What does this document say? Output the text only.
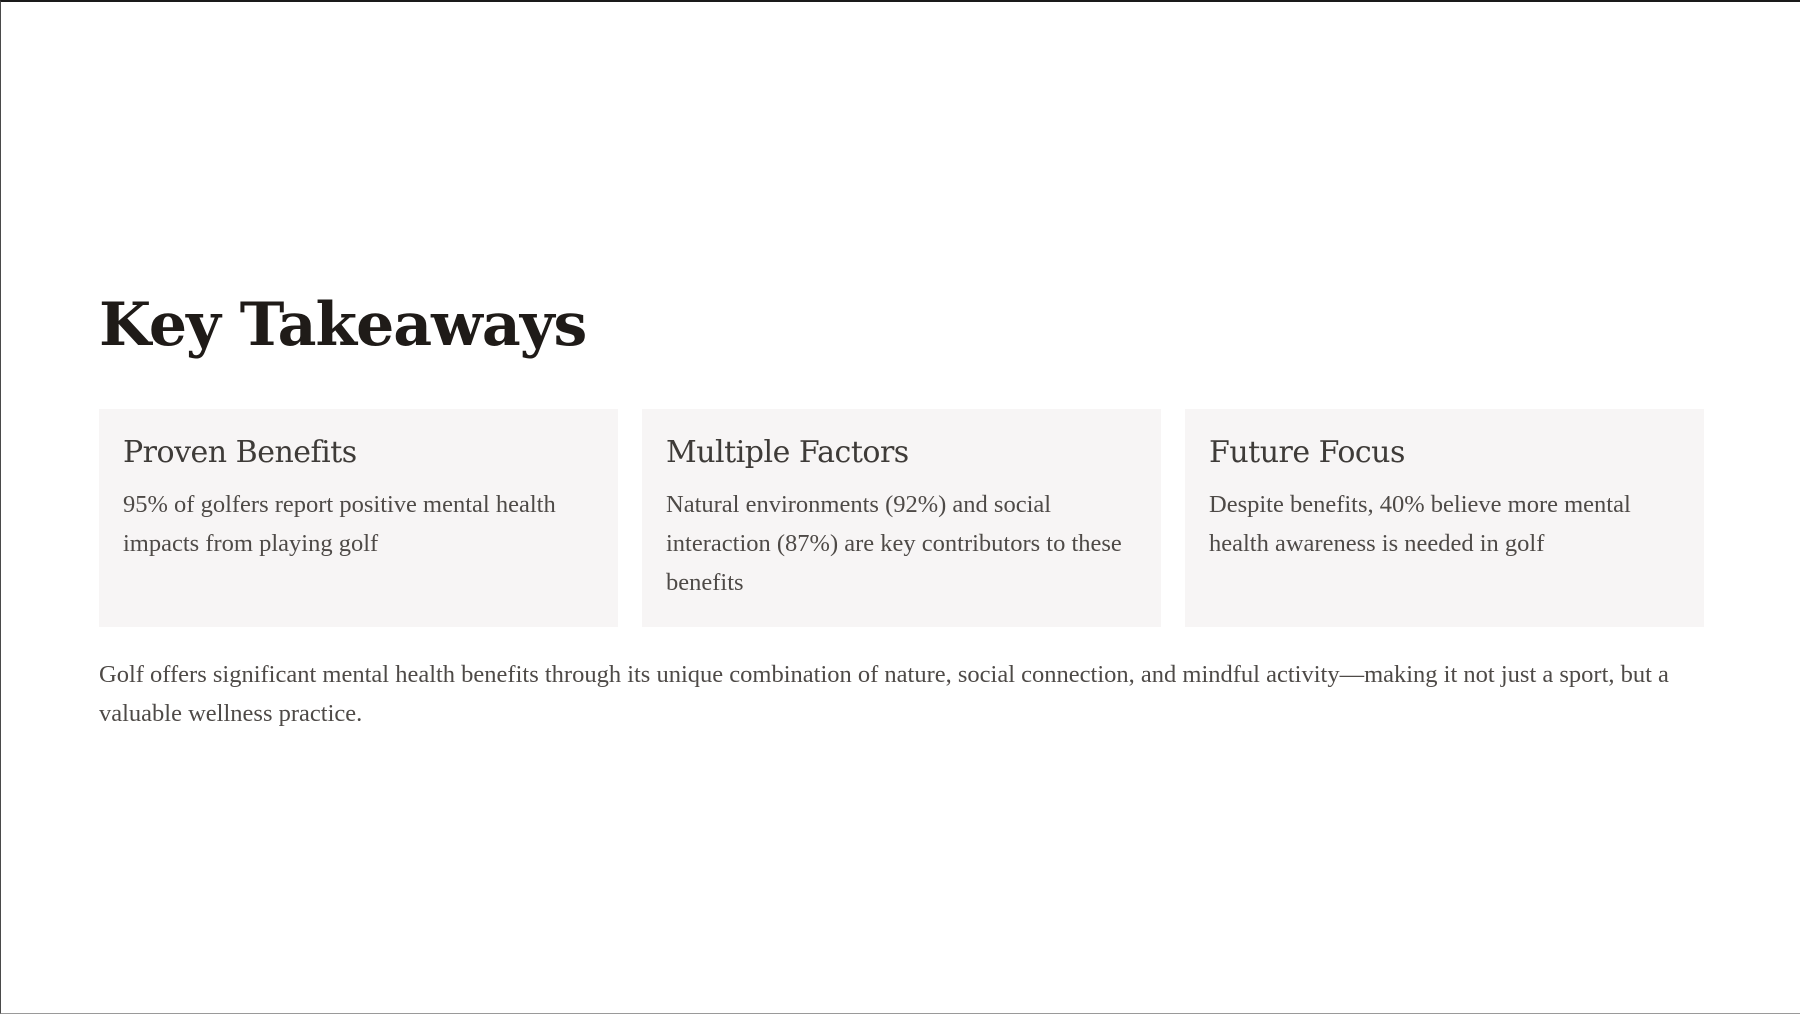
Key Takeaways
Proven Benefits

95% of golfers report positive mental health impacts from playing golf

Multiple Factors

Natural environments (92%) and social interaction (87%) are key contributors to these benefits

Future Focus

Despite benefits, 40% believe more mental health awareness is needed in golf

Golf offers significant mental health benefits through its unique combination of nature, social connection, and mindful activity—making it not just a sport, but a valuable wellness practice.
